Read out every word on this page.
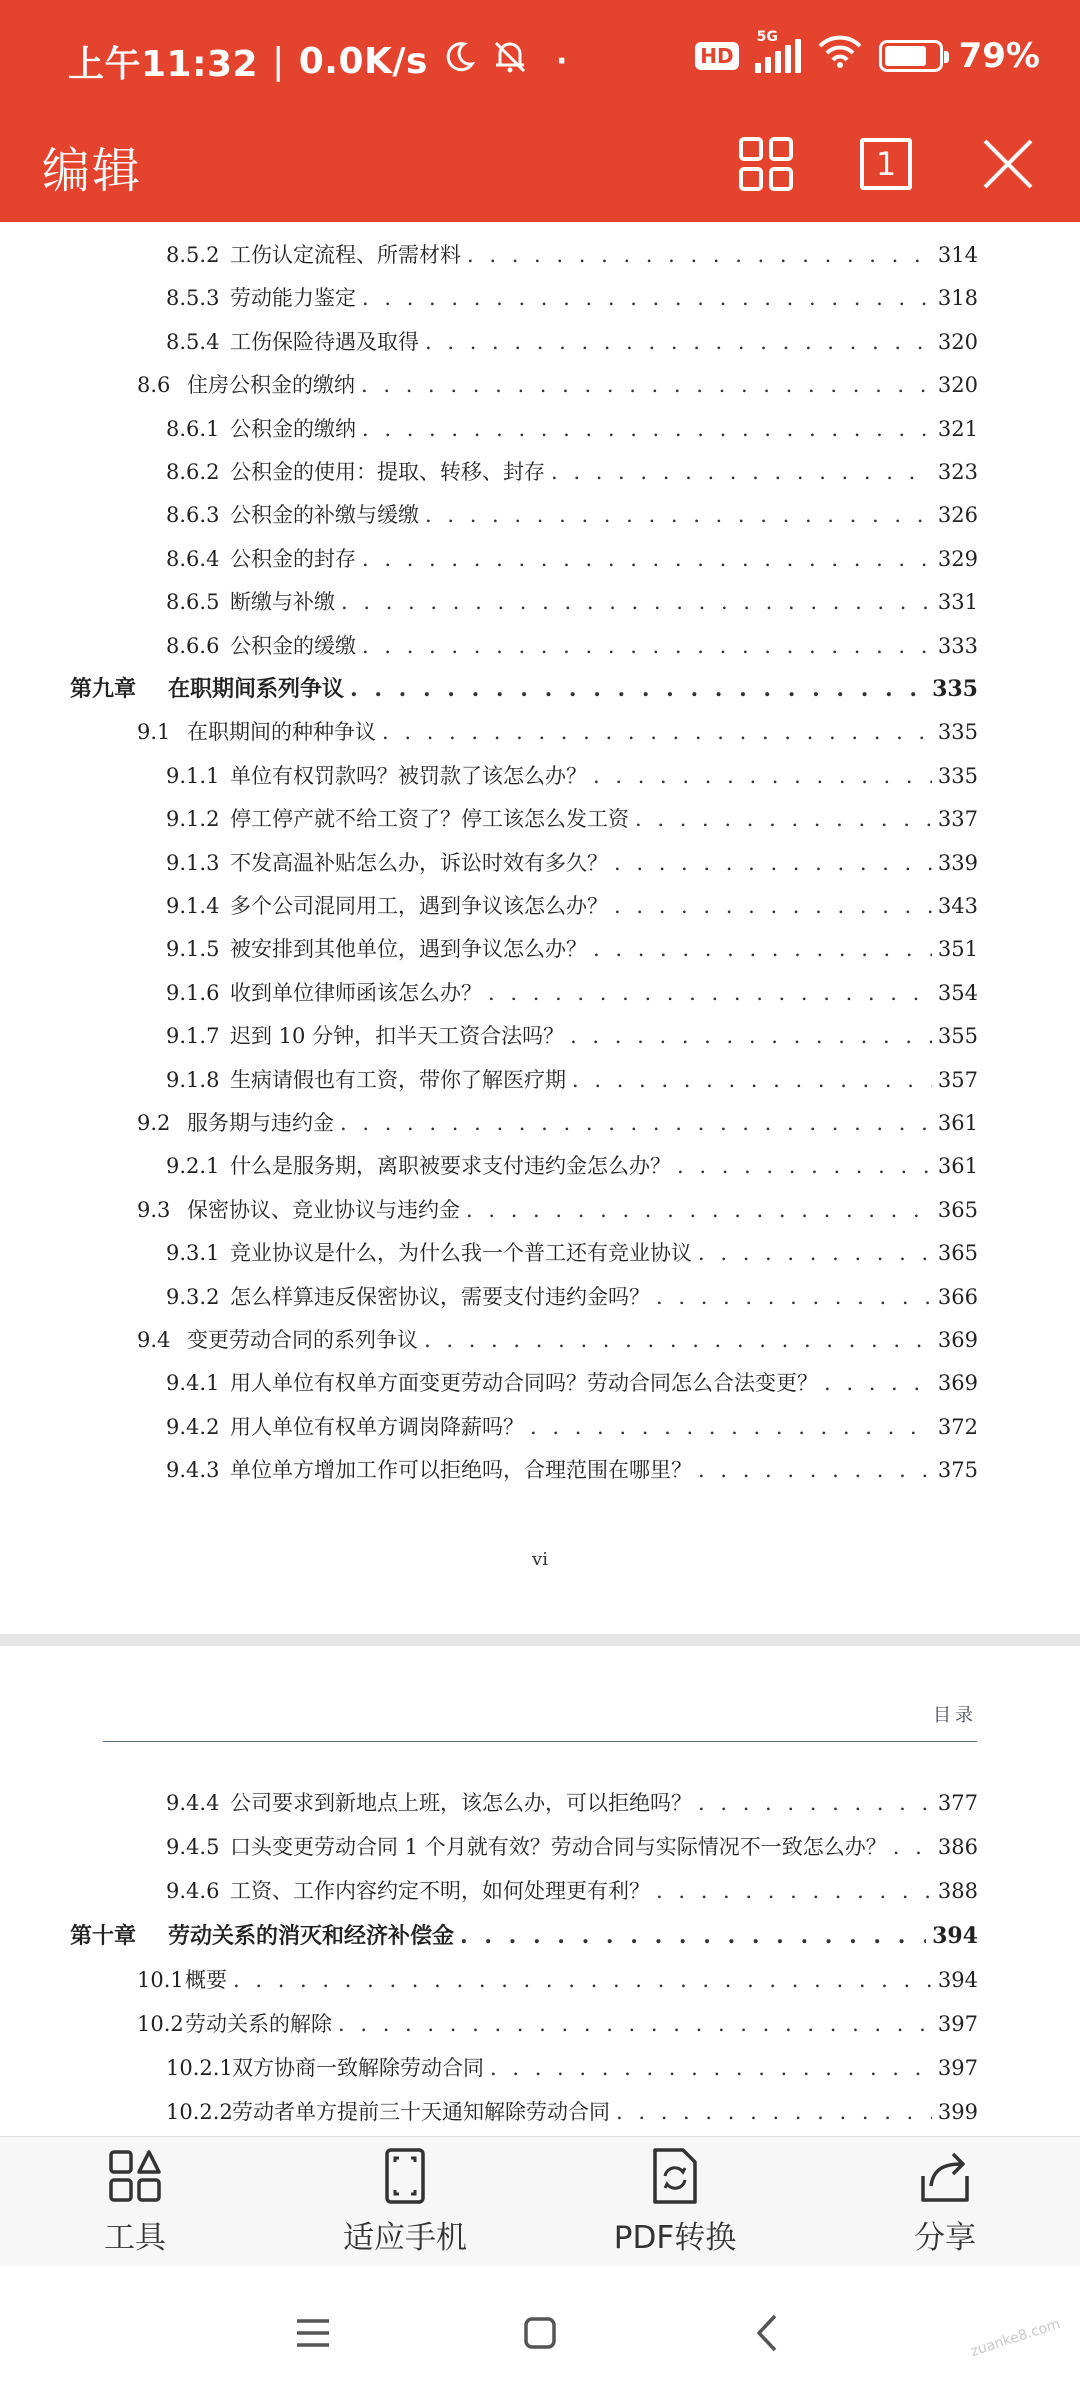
上午11:32 | 0.0K/s	·	HD
5G	79%
编辑	1
8.5.2 工伤认定流程、所需材料 . . .	314
8.5.3 劳动能力鉴定 . . .	318
8.5.4 工伤保险待遇及取得 . . .	320
8.6 住房公积金的缴纳 . . .	320
8.6.1 公积金的缴纳 . . .	321
8.6.2 公积金的使用：提取、转移、封存 . . .	323
8.6.3 公积金的补缴与缓缴 . . .	326
8.6.4 公积金的封存 . . .	329
8.6.5 断缴与补缴 . . .	331
8.6.6 公积金的缓缴 . . .	333
第九章	在职期间系列争议 . . .	335
9.1 在职期间的种种争议 . . .	335
9.1.1 单位有权罚款吗？被罚款了该怎么办？ . . .	335
9.1.2 停工停产就不给工资了？停工该怎么发工资 . . .	337
9.1.3 不发高温补贴怎么办，诉讼时效有多久？ . . .	339
9.1.4 多个公司混同用工，遇到争议该怎么办？ . . .	343
9.1.5 被安排到其他单位，遇到争议怎么办？ . . .	351
9.1.6 收到单位律师函该怎么办？ . . .	354
9.1.7 迟到 10 分钟，扣半天工资合法吗？ . . .	355
9.1.8 生病请假也有工资，带你了解医疗期 . . .	357
9.2 服务期与违约金 . . .	361
9.2.1 什么是服务期，离职被要求支付违约金怎么办？ . . .	361
9.3 保密协议、竞业协议与违约金 . . .	365
9.3.1 竞业协议是什么，为什么我一个普工还有竞业协议 . . .	365
9.3.2 怎么样算违反保密协议，需要支付违约金吗？ . . .	366
9.4 变更劳动合同的系列争议 . . .	369
9.4.1 用人单位有权单方面变更劳动合同吗？劳动合同怎么合法变更？ . . .	369
9.4.2 用人单位有权单方调岗降薪吗？ . . .	372
9.4.3 单位单方增加工作可以拒绝吗，合理范围在哪里？ . . .	375
vi
目录
9.4.4 公司要求到新地点上班，该怎么办，可以拒绝吗？ . . .	377
9.4.5 口头变更劳动合同 1 个月就有效？劳动合同与实际情况不一致怎么办？ . . . 386
9.4.6 工资、工作内容约定不明，如何处理更有利？ . . .	388
第十章	劳动关系的消灭和经济补偿金 . . .	394
10.1 概要 . . .	394
10.2 劳动关系的解除 . . .	397
10.2.1 双方协商一致解除劳动合同 . . .	397
10.2.2 劳动者单方提前三十天通知解除劳动合同 . . .	399
工具	适应手机	PDF转换	分享
zuanke8.com
